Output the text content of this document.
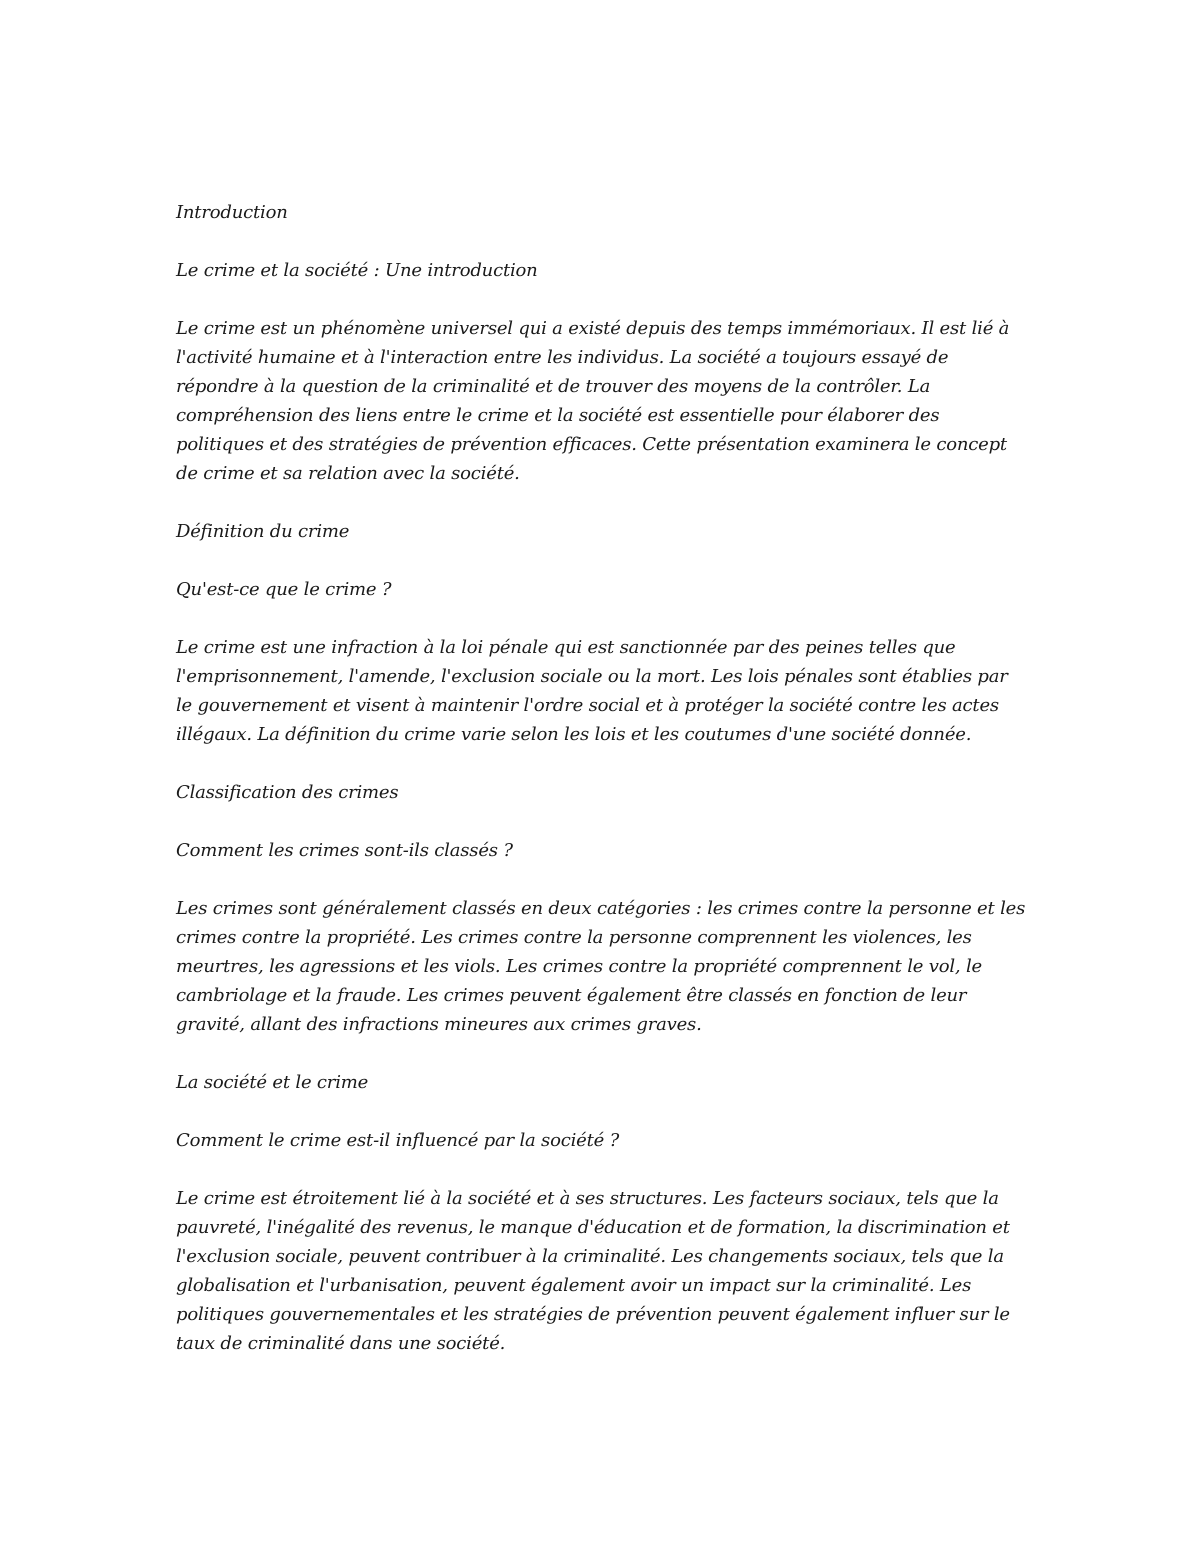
Introduction

Le crime et la société : Une introduction

Le crime est un phénomène universel qui a existé depuis des temps immémoriaux. Il est lié à l'activité humaine et à l'interaction entre les individus. La société a toujours essayé de répondre à la question de la criminalité et de trouver des moyens de la contrôler. La compréhension des liens entre le crime et la société est essentielle pour élaborer des politiques et des stratégies de prévention efficaces. Cette présentation examinera le concept de crime et sa relation avec la société.

Définition du crime

Qu'est-ce que le crime ?

Le crime est une infraction à la loi pénale qui est sanctionnée par des peines telles que l'emprisonnement, l'amende, l'exclusion sociale ou la mort. Les lois pénales sont établies par le gouvernement et visent à maintenir l'ordre social et à protéger la société contre les actes illégaux. La définition du crime varie selon les lois et les coutumes d'une société donnée.

Classification des crimes

Comment les crimes sont-ils classés ?

Les crimes sont généralement classés en deux catégories : les crimes contre la personne et les crimes contre la propriété. Les crimes contre la personne comprennent les violences, les meurtres, les agressions et les viols. Les crimes contre la propriété comprennent le vol, le cambriolage et la fraude. Les crimes peuvent également être classés en fonction de leur gravité, allant des infractions mineures aux crimes graves.

La société et le crime

Comment le crime est-il influencé par la société ?

Le crime est étroitement lié à la société et à ses structures. Les facteurs sociaux, tels que la pauvreté, l'inégalité des revenus, le manque d'éducation et de formation, la discrimination et l'exclusion sociale, peuvent contribuer à la criminalité. Les changements sociaux, tels que la globalisation et l'urbanisation, peuvent également avoir un impact sur la criminalité. Les politiques gouvernementales et les stratégies de prévention peuvent également influer sur le taux de criminalité dans une société.
